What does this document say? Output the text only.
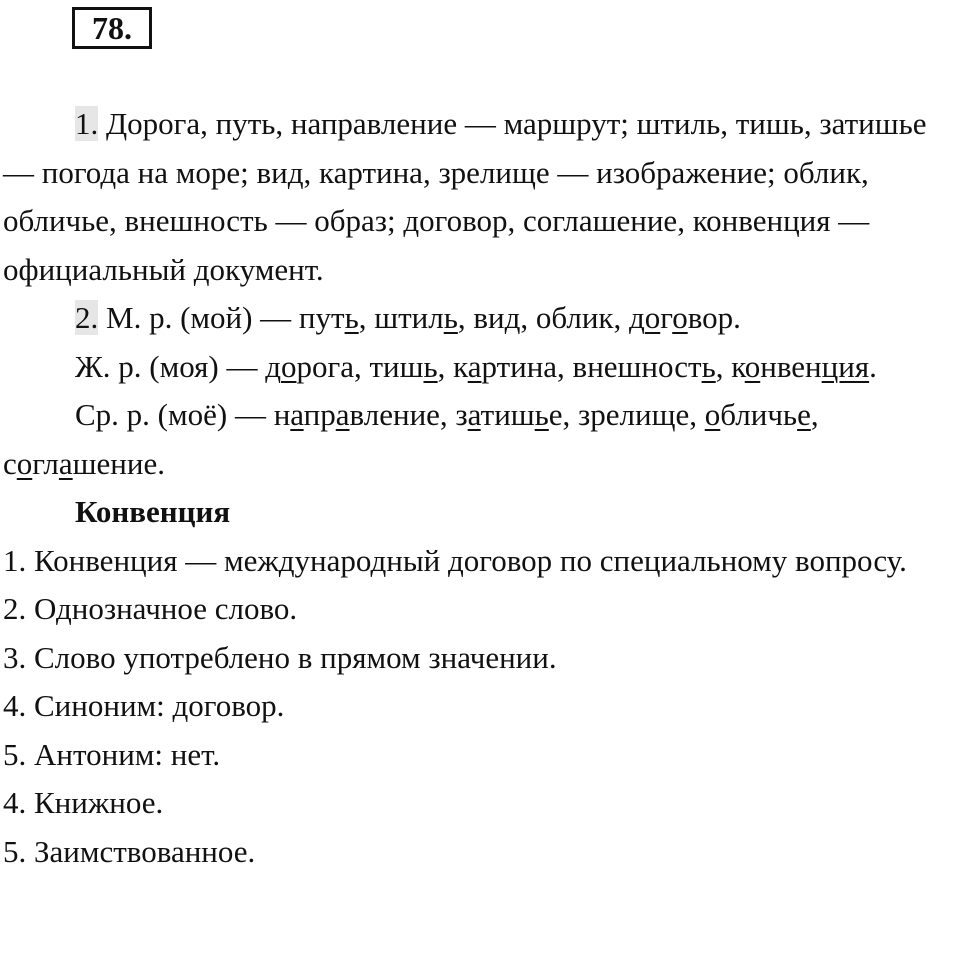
78.

1. Дорога, путь, направление — маршрут; штиль, тишь, затишье — погода на море; вид, картина, зрелище — изображение; облик, обличье, внешность — образ; договор, соглашение, конвенция — официальный документ.

2. М. р. (мой) — путь, штиль, вид, облик, договор.

Ж. р. (моя) — дорога, тишь, картина, внешность, конвенция.

Ср. р. (моё) — направление, затишье, зрелище, обличье, соглашение.

Конвенция

1. Конвенция — международный договор по специальному вопросу.

2. Однозначное слово.

3. Слово употреблено в прямом значении.

4. Синоним: договор.

5. Антоним: нет.

4. Книжное.

5. Заимствованное.
